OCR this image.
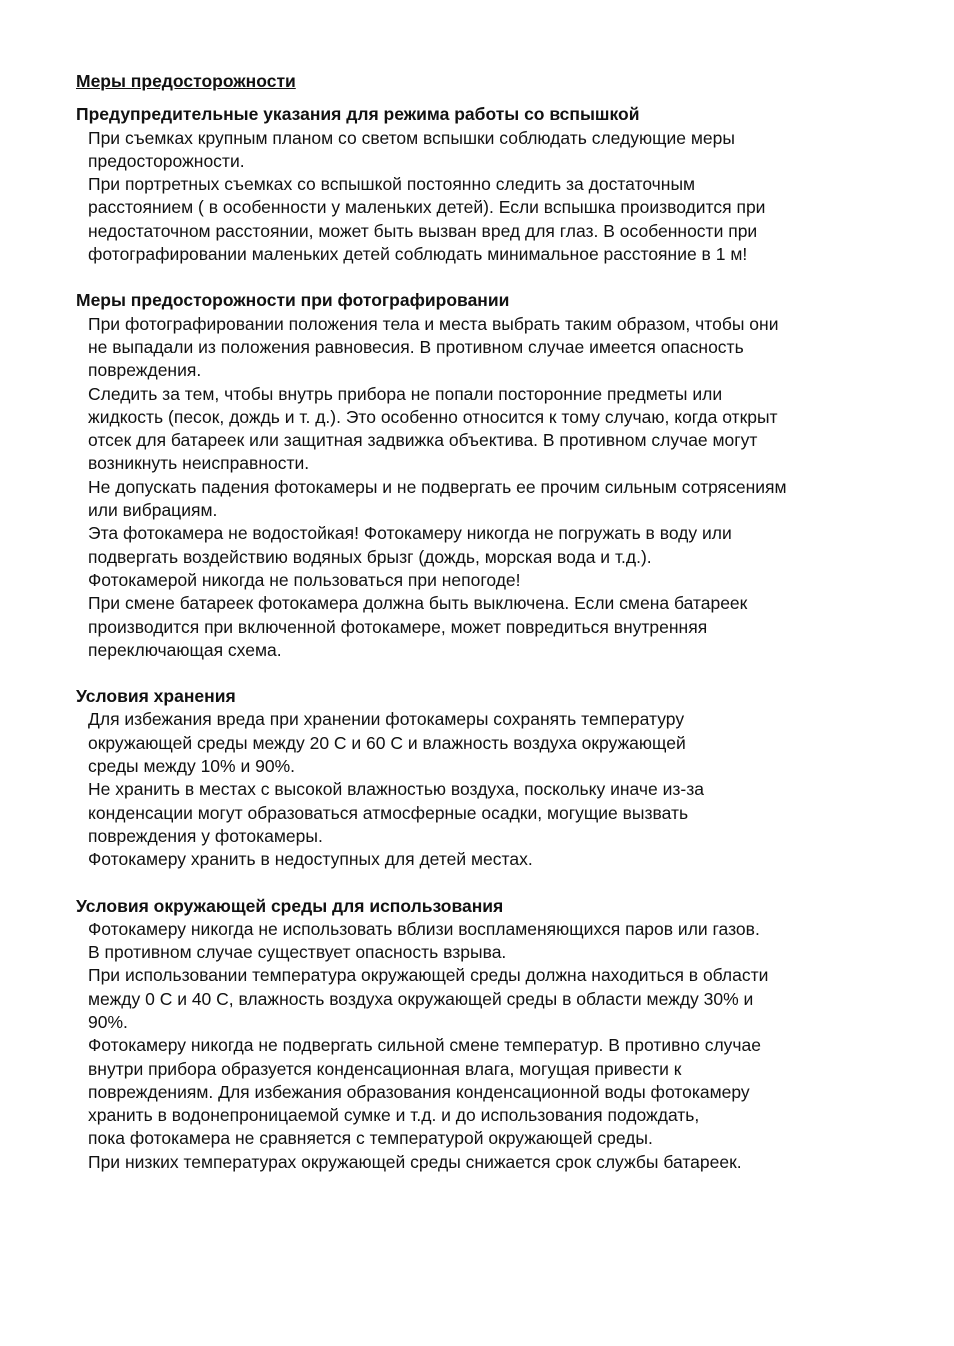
Меры предосторожности
Предупредительные указания для режима работы со вспышкой
При съемках крупным планом со светом вспышки соблюдать следующие меры
предосторожности.
При портретных съемках со вспышкой постоянно следить за достаточным
расстоянием ( в особенности у маленьких детей). Если вспышка производится при
недостаточном расстоянии, может быть вызван вред для глаз. В особенности при
фотографировании маленьких детей соблюдать минимальное расстояние в 1 м!
Меры предосторожности при фотографировании
При фотографировании положения тела и места выбрать таким образом, чтобы они
не выпадали из положения равновесия. В противном случае имеется опасность
повреждения.
Следить за тем, чтобы внутрь прибора не попали посторонние предметы или
жидкость (песок, дождь и т. д.). Это особенно относится к тому случаю, когда открыт
отсек для батареек или защитная задвижка объектива. В противном случае могут
возникнуть неисправности.
Не допускать падения фотокамеры и не подвергать ее прочим сильным сотрясениям
или вибрациям.
Эта фотокамера не водостойкая! Фотокамеру никогда не погружать в воду или
подвергать воздействию водяных брызг (дождь, морская вода и т.д.).
Фотокамерой никогда не пользоваться при непогоде!
При смене батареек фотокамера должна быть выключена. Если смена батареек
производится при включенной фотокамере, может повредиться внутренняя
переключающая схема.
Условия хранения
Для избежания вреда при хранении фотокамеры сохранять температуру
окружающей среды между 20 С и 60 С и влажность воздуха окружающей
среды между 10% и 90%.
Не хранить в местах с высокой влажностью воздуха, поскольку иначе из-за
конденсации могут образоваться атмосферные осадки, могущие вызвать
повреждения у фотокамеры.
Фотокамеру хранить в недоступных для детей местах.
Условия окружающей среды для использования
Фотокамеру никогда не использовать вблизи воспламеняющихся паров или газов.
В противном случае существует опасность взрыва.
При использовании температура окружающей среды должна находиться в области
между 0 С и 40 С, влажность воздуха окружающей среды в области между 30% и
90%.
Фотокамеру никогда не подвергать сильной смене температур. В противно случае
внутри прибора образуется конденсационная влага, могущая привести к
повреждениям. Для избежания образования конденсационной воды фотокамеру
хранить в водонепроницаемой сумке и т.д. и до использования подождать,
пока фотокамера не сравняется с температурой окружающей среды.
При низких температурах окружающей среды снижается срок службы батареек.
